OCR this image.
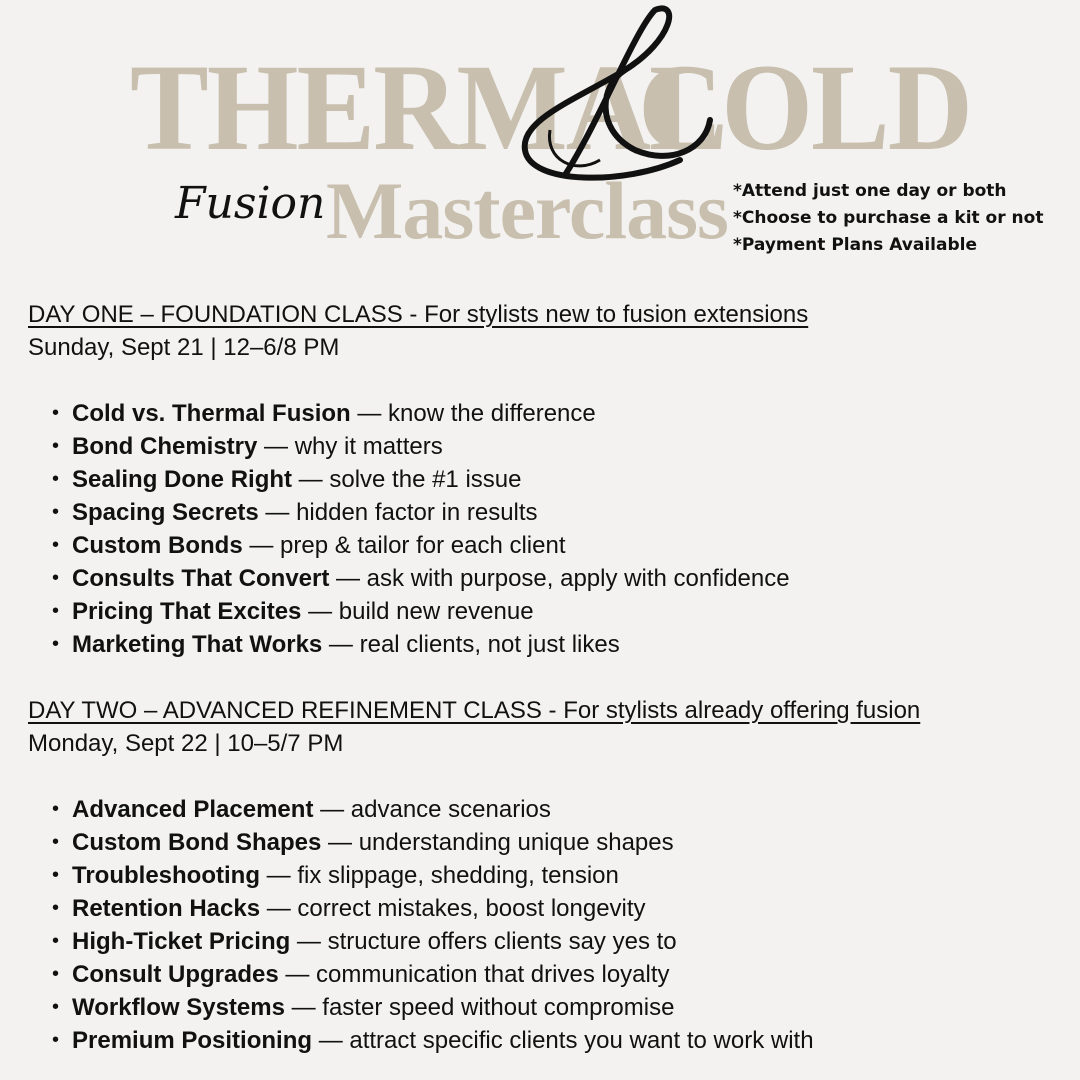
THERMAL
COLD
Fusion Masterclass *Attend just one day or both
*Choose to purchase a kit or not
*Payment Plans Available
DAY ONE – FOUNDATION CLASS - For stylists new to fusion extensions
Sunday, Sept 21 | 12–6/8 PM
• Cold vs. Thermal Fusion — know the difference
• Bond Chemistry — why it matters
• Sealing Done Right — solve the #1 issue
• Spacing Secrets — hidden factor in results
• Custom Bonds — prep & tailor for each client
• Consults That Convert — ask with purpose, apply with confidence
• Pricing That Excites — build new revenue
• Marketing That Works — real clients, not just likes
DAY TWO – ADVANCED REFINEMENT CLASS - For stylists already offering fusion
Monday, Sept 22 | 10–5/7 PM
• Advanced Placement — advance scenarios
• Custom Bond Shapes — understanding unique shapes
• Troubleshooting — fix slippage, shedding, tension
• Retention Hacks — correct mistakes, boost longevity
• High-Ticket Pricing — structure offers clients say yes to
• Consult Upgrades — communication that drives loyalty
• Workflow Systems — faster speed without compromise
• Premium Positioning — attract specific clients you want to work with
